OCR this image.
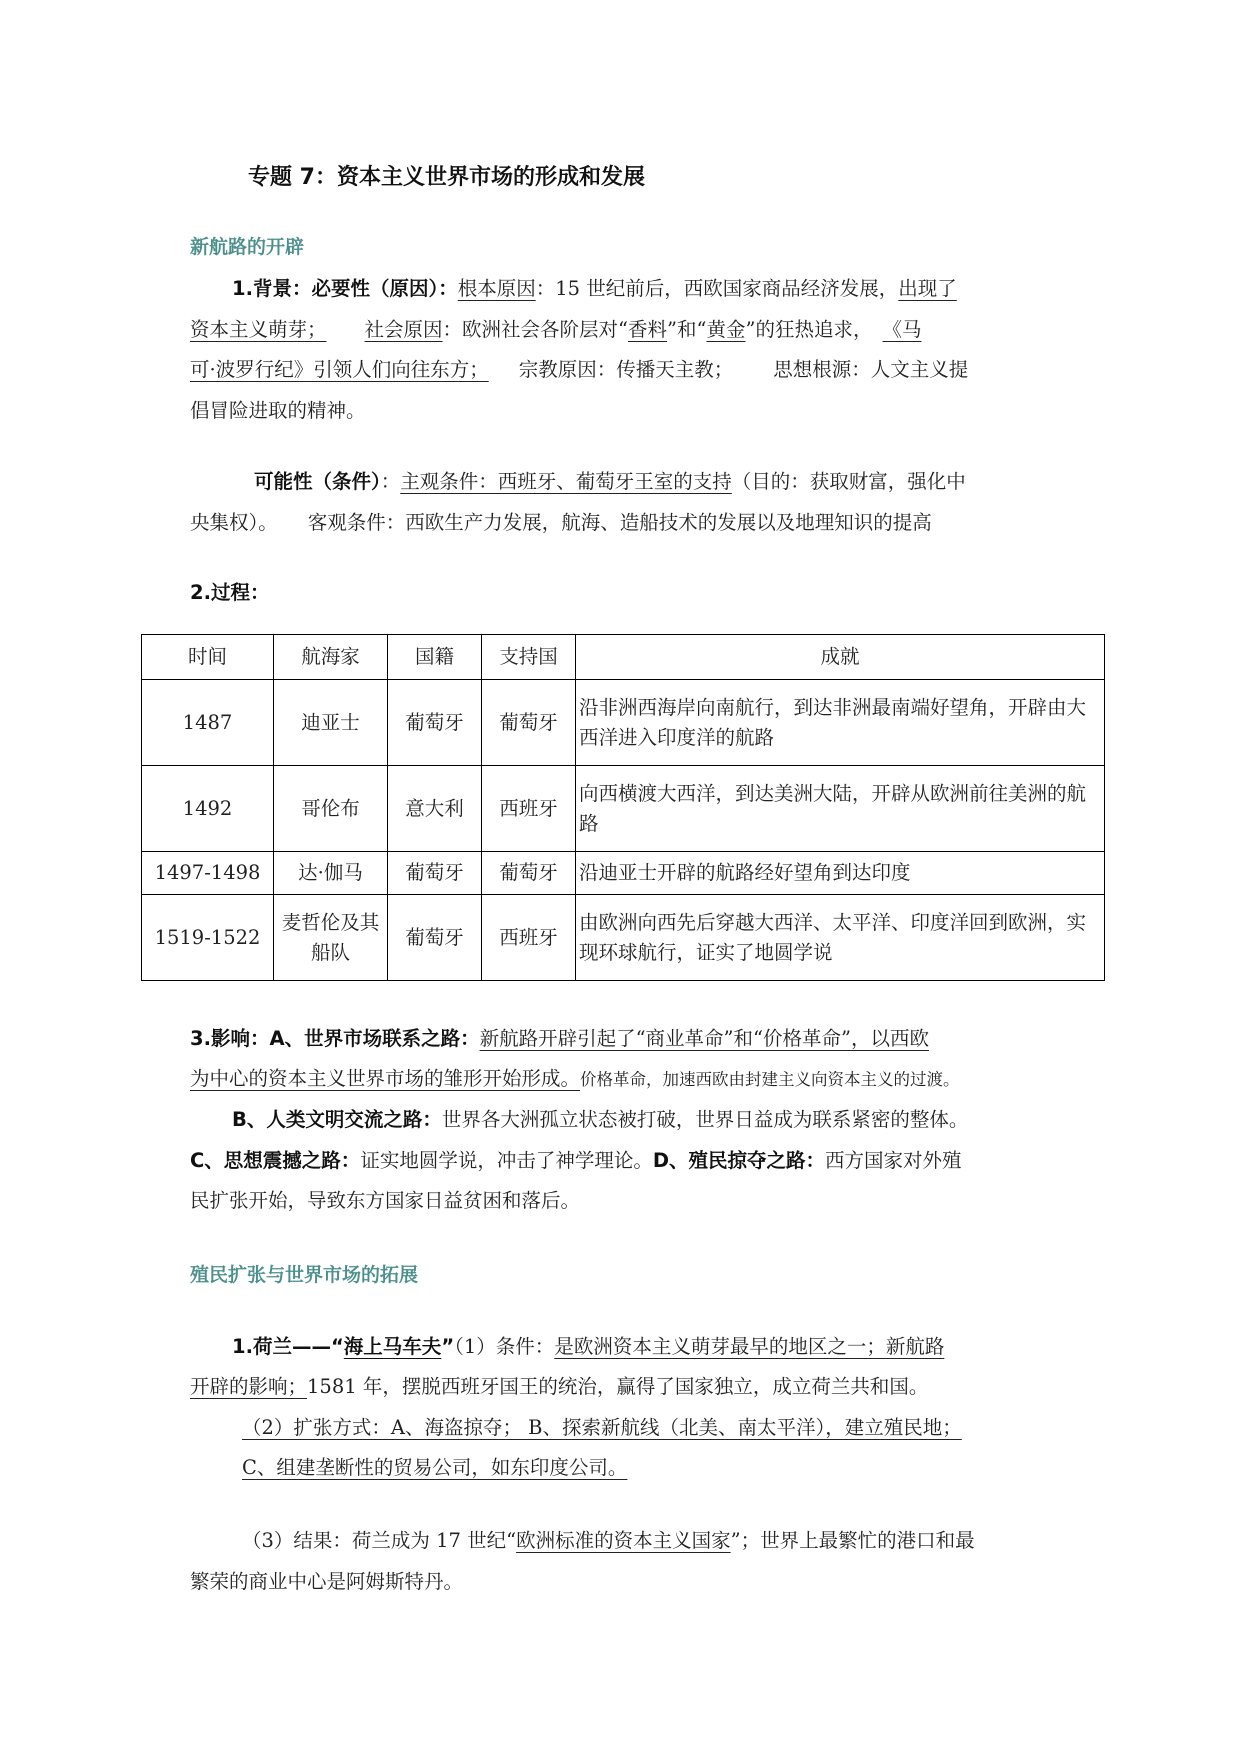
专题 7：资本主义世界市场的形成和发展
新航路的开辟
1.背景：必要性（原因）：根本原因：15 世纪前后，西欧国家商品经济发展，出现了
资本主义萌芽； 社会原因：欧洲社会各阶层对“香料”和“黄金”的狂热追求， 《马
可·波罗行纪》引领人们向往东方； 宗教原因：传播天主教； 思想根源：人文主义提
倡冒险进取的精神。
可能性（条件）：主观条件：西班牙、葡萄牙王室的支持（目的：获取财富，强化中
央集权）。 客观条件：西欧生产力发展，航海、造船技术的发展以及地理知识的提高
2.过程：
时间	航海家	国籍	支持国	成就
1487	迪亚士	葡萄牙	葡萄牙	沿非洲西海岸向南航行，到达非洲最南端好望角，开辟由大西洋进入印度洋的航路
1492	哥伦布	意大利	西班牙	向西横渡大西洋，到达美洲大陆，开辟从欧洲前往美洲的航路
1497-1498	达·伽马	葡萄牙	葡萄牙	沿迪亚士开辟的航路经好望角到达印度
1519-1522	麦哲伦及其船队	葡萄牙	西班牙	由欧洲向西先后穿越大西洋、太平洋、印度洋回到欧洲，实现环球航行，证实了地圆学说
3.影响：A、世界市场联系之路：新航路开辟引起了“商业革命”和“价格革命”，以西欧
为中心的资本主义世界市场的雏形开始形成。价格革命，加速西欧由封建主义向资本主义的过渡。
B、人类文明交流之路：世界各大洲孤立状态被打破，世界日益成为联系紧密的整体。
C、思想震撼之路：证实地圆学说，冲击了神学理论。D、殖民掠夺之路：西方国家对外殖
民扩张开始，导致东方国家日益贫困和落后。
殖民扩张与世界市场的拓展
1.荷兰——“海上马车夫”（1）条件：是欧洲资本主义萌芽最早的地区之一；新航路
开辟的影响；1581 年，摆脱西班牙国王的统治，赢得了国家独立，成立荷兰共和国。
（2）扩张方式：A、海盗掠夺； B、探索新航线（北美、南太平洋），建立殖民地；
C、组建垄断性的贸易公司，如东印度公司。
（3）结果：荷兰成为 17 世纪“欧洲标准的资本主义国家”；世界上最繁忙的港口和最
繁荣的商业中心是阿姆斯特丹。
